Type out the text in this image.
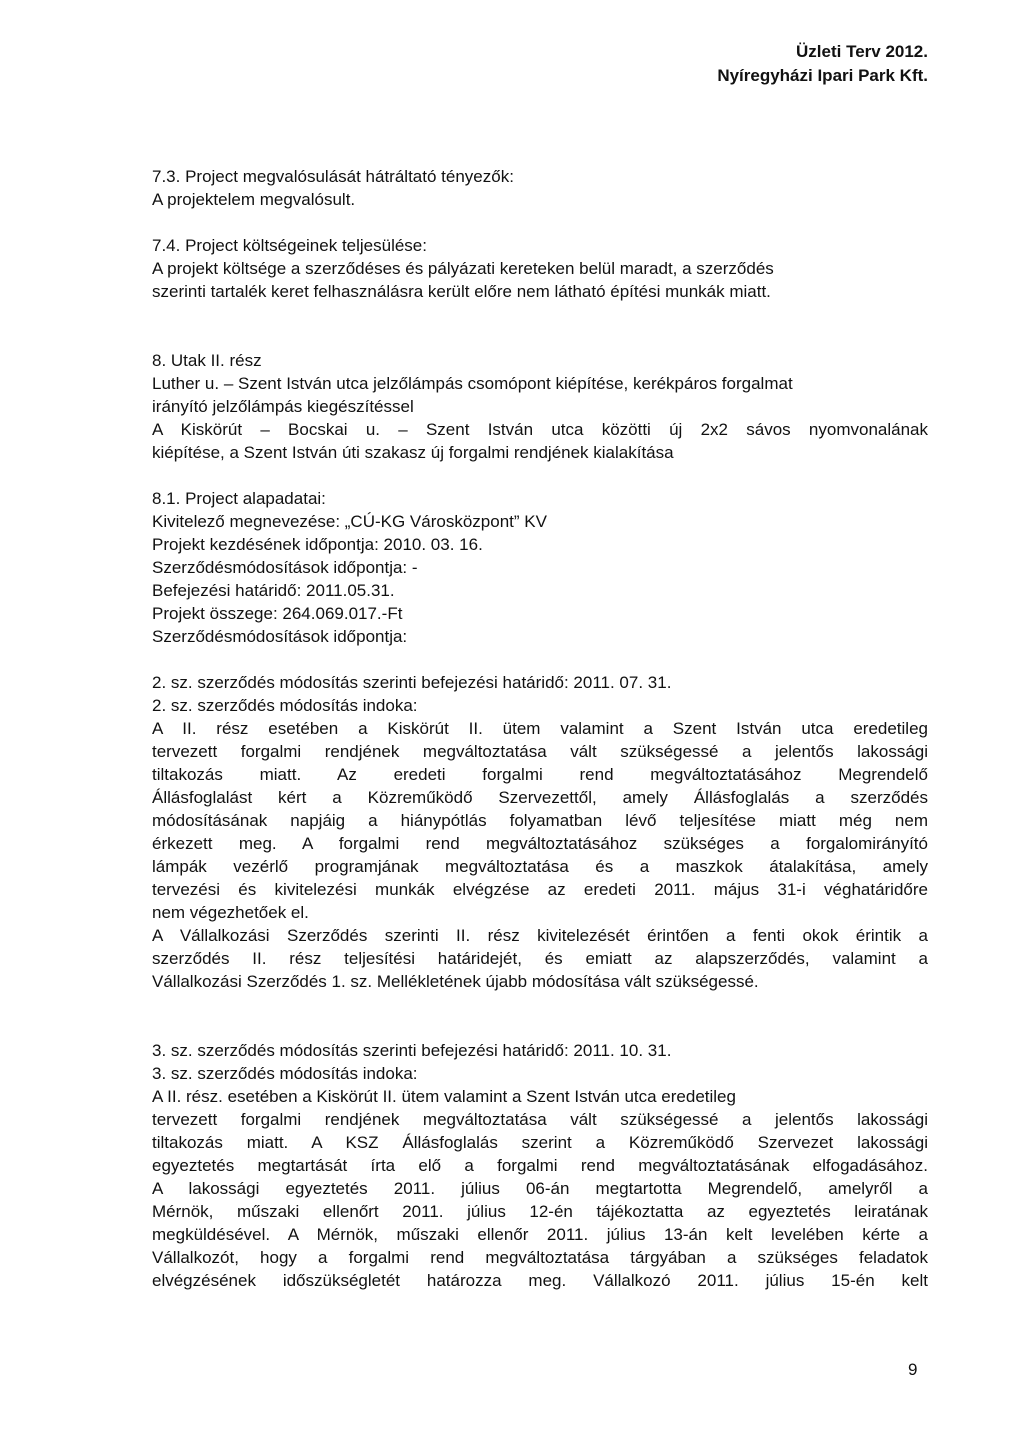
Üzleti Terv 2012.
Nyíregyházi Ipari Park Kft.
7.3. Project megvalósulását hátráltató tényezők:
A projektelem megvalósult.
7.4. Project költségeinek teljesülése:
A projekt költsége a szerződéses és pályázati kereteken belül maradt, a szerződés
szerinti tartalék keret felhasználásra került előre nem látható építési munkák miatt.
8. Utak II. rész
Luther u. – Szent István utca jelzőlámpás csomópont kiépítése, kerékpáros forgalmat
irányító jelzőlámpás kiegészítéssel
A Kiskörút – Bocskai u. – Szent István utca közötti új 2x2 sávos nyomvonalának
kiépítése, a Szent István úti szakasz új forgalmi rendjének kialakítása
8.1. Project alapadatai:
Kivitelező megnevezése: „CÚ-KG Városközpont” KV
Projekt kezdésének időpontja: 2010. 03. 16.
Szerződésmódosítások időpontja: -
Befejezési határidő: 2011.05.31.
Projekt összege: 264.069.017.-Ft
Szerződésmódosítások időpontja:
2. sz. szerződés módosítás szerinti befejezési határidő: 2011. 07. 31.
2. sz. szerződés módosítás indoka:
A II. rész esetében a Kiskörút II. ütem valamint a Szent István utca eredetileg
tervezett forgalmi rendjének megváltoztatása vált szükségessé a jelentős lakossági
tiltakozás miatt. Az eredeti forgalmi rend megváltoztatásához Megrendelő
Állásfoglalást kért a Közreműködő Szervezettől, amely Állásfoglalás a szerződés
módosításának napjáig a hiánypótlás folyamatban lévő teljesítése miatt még nem
érkezett meg. A forgalmi rend megváltoztatásához szükséges a forgalomirányító
lámpák vezérlő programjának megváltoztatása és a maszkok átalakítása, amely
tervezési és kivitelezési munkák elvégzése az eredeti 2011. május 31-i véghatáridőre
nem végezhetőek el.
A Vállalkozási Szerződés szerinti II. rész kivitelezését érintően a fenti okok érintik a
szerződés II. rész teljesítési határidejét, és emiatt az alapszerződés, valamint a
Vállalkozási Szerződés 1. sz. Mellékletének újabb módosítása vált szükségessé.
3. sz. szerződés módosítás szerinti befejezési határidő: 2011. 10. 31.
3. sz. szerződés módosítás indoka:
A II. rész. esetében a Kiskörút II. ütem valamint a Szent István utca eredetileg
tervezett forgalmi rendjének megváltoztatása vált szükségessé a jelentős lakossági
tiltakozás miatt. A KSZ Állásfoglalás szerint a Közreműködő Szervezet lakossági
egyeztetés megtartását írta elő a forgalmi rend megváltoztatásának elfogadásához.
A lakossági egyeztetés 2011. július 06-án megtartotta Megrendelő, amelyről a
Mérnök, műszaki ellenőrt 2011. július 12-én tájékoztatta az egyeztetés leiratának
megküldésével. A Mérnök, műszaki ellenőr 2011. július 13-án kelt levelében kérte a
Vállalkozót, hogy a forgalmi rend megváltoztatása tárgyában a szükséges feladatok
elvégzésének időszükségletét határozza meg. Vállalkozó 2011. július 15-én kelt
9
